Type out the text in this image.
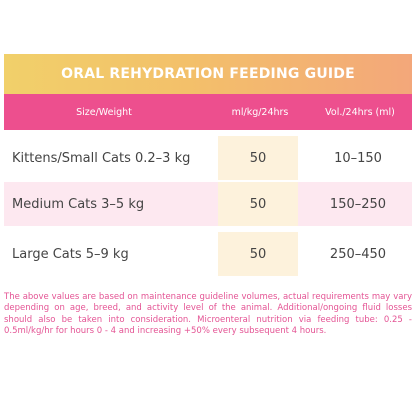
ORAL REHYDRATION FEEDING GUIDE
Size/Weight	ml/kg/24hrs	Vol./24hrs (ml)
Kittens/Small Cats 0.2–3 kg	50	10–150
Medium Cats 3–5 kg	50	150–250
Large Cats 5–9 kg	50	250–450
The above values are based on maintenance guideline volumes, actual requirements may vary depending on age, breed, and activity level of the animal. Additional/ongoing fluid losses should also be taken into consideration. Microenteral nutrition via feeding tube: 0.25 - 0.5ml/kg/hr for hours 0 - 4 and increasing +50% every subsequent 4 hours.
